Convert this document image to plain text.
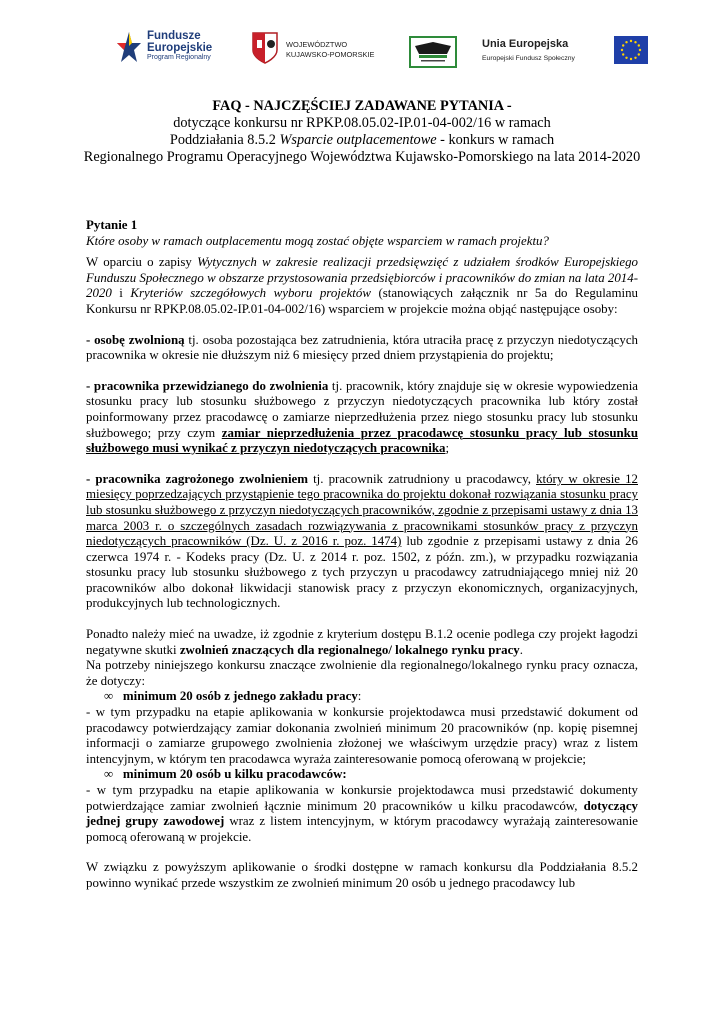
Fundusze
Europejskie
Program Regionalny
WOJEWÓDZTWO
KUJAWSKO-POMORSKIE
Unia Europejska
Europejski Fundusz Społeczny
FAQ - NAJCZĘŚCIEJ ZADAWANE PYTANIA -
dotyczące konkursu nr RPKP.08.05.02-IP.01-04-002/16 w ramach
Poddziałania 8.5.2 Wsparcie outplacementowe - konkurs w ramach
Regionalnego Programu Operacyjnego Województwa Kujawsko-Pomorskiego na lata 2014-2020

Pytanie 1

Które osoby w ramach outplacementu mogą zostać objęte wsparciem w ramach projektu?

W oparciu o zapisy Wytycznych w zakresie realizacji przedsięwzięć z udziałem środków Europejskiego Funduszu Społecznego w obszarze przystosowania przedsiębiorców i pracowników do zmian na lata 2014-2020 i Kryteriów szczegółowych wyboru projektów (stanowiących załącznik nr 5a do Regulaminu Konkursu nr RPKP.08.05.02-IP.01-04-002/16) wsparciem w projekcie można objąć następujące osoby:

- osobę zwolnioną tj. osoba pozostająca bez zatrudnienia, która utraciła pracę z przyczyn niedotyczących pracownika w okresie nie dłuższym niż 6 miesięcy przed dniem przystąpienia do projektu;

- pracownika przewidzianego do zwolnienia tj. pracownik, który znajduje się w okresie wypowiedzenia stosunku pracy lub stosunku służbowego z przyczyn niedotyczących pracownika lub który został poinformowany przez pracodawcę o zamiarze nieprzedłużenia przez niego stosunku pracy lub stosunku służbowego; przy czym zamiar nieprzedłużenia przez pracodawcę stosunku pracy lub stosunku służbowego musi wynikać z przyczyn niedotyczących pracownika;

- pracownika zagrożonego zwolnieniem tj. pracownik zatrudniony u pracodawcy, który w okresie 12 miesięcy poprzedzających przystąpienie tego pracownika do projektu dokonał rozwiązania stosunku pracy lub stosunku służbowego z przyczyn niedotyczących pracowników, zgodnie z przepisami ustawy z dnia 13 marca 2003 r. o szczególnych zasadach rozwiązywania z pracownikami stosunków pracy z przyczyn niedotyczących pracowników (Dz. U. z 2016 r. poz. 1474) lub zgodnie z przepisami ustawy z dnia 26 czerwca 1974 r. - Kodeks pracy (Dz. U. z 2014 r. poz. 1502, z późn. zm.), w przypadku rozwiązania stosunku pracy lub stosunku służbowego z tych przyczyn u pracodawcy zatrudniającego mniej niż 20 pracowników albo dokonał likwidacji stanowisk pracy z przyczyn ekonomicznych, organizacyjnych, produkcyjnych lub technologicznych.

Ponadto należy mieć na uwadze, iż zgodnie z kryterium dostępu B.1.2 ocenie podlega czy projekt łagodzi negatywne skutki zwolnień znaczących dla regionalnego/ lokalnego rynku pracy.

Na potrzeby niniejszego konkursu znaczące zwolnienie dla regionalnego/lokalnego rynku pracy oznacza, że dotyczy:

∞ minimum 20 osób z jednego zakładu pracy:

- w tym przypadku na etapie aplikowania w konkursie projektodawca musi przedstawić dokument od pracodawcy potwierdzający zamiar dokonania zwolnień minimum 20 pracowników (np. kopię pisemnej informacji o zamiarze grupowego zwolnienia złożonej we właściwym urzędzie pracy) wraz z listem intencyjnym, w którym ten pracodawca wyraża zainteresowanie pomocą oferowaną w projekcie;

∞ minimum 20 osób u kilku pracodawców:

- w tym przypadku na etapie aplikowania w konkursie projektodawca musi przedstawić dokumenty potwierdzające zamiar zwolnień łącznie minimum 20 pracowników u kilku pracodawców, dotyczący jednej grupy zawodowej wraz z listem intencyjnym, w którym pracodawcy wyrażają zainteresowanie pomocą oferowaną w projekcie.

W związku z powyższym aplikowanie o środki dostępne w ramach konkursu dla Poddziałania 8.5.2 powinno wynikać przede wszystkim ze zwolnień minimum 20 osób u jednego pracodawcy lub
